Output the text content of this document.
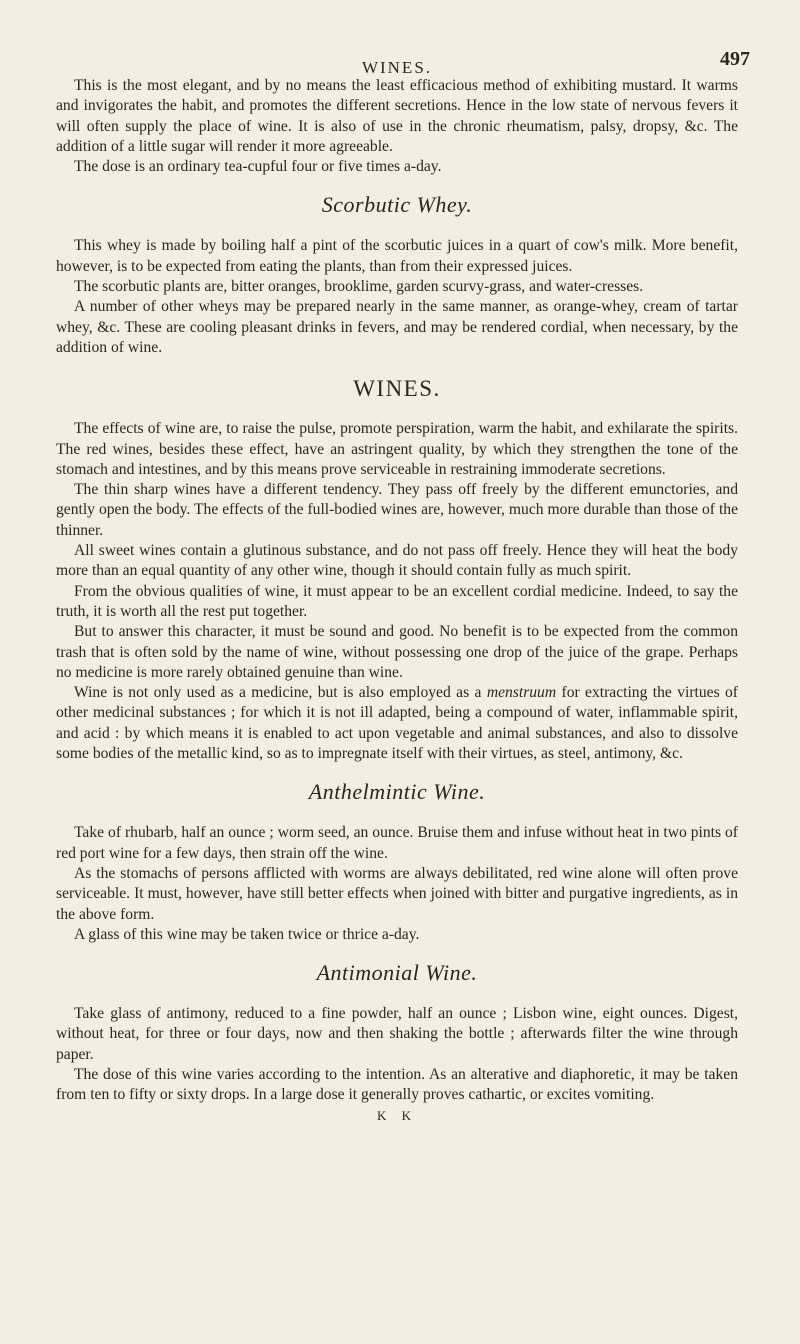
WINES.	497

This is the most elegant, and by no means the least efficacious method of exhibiting mustard. It warms and invigorates the habit, and promotes the different secretions. Hence in the low state of nervous fevers it will often supply the place of wine. It is also of use in the chronic rheumatism, palsy, dropsy, &c. The addition of a little sugar will render it more agreeable.

The dose is an ordinary tea-cupful four or five times a-day.

Scorbutic Whey.

This whey is made by boiling half a pint of the scorbutic juices in a quart of cow's milk. More benefit, however, is to be expected from eating the plants, than from their expressed juices.

The scorbutic plants are, bitter oranges, brooklime, garden scurvy-grass, and water-cresses.

A number of other wheys may be prepared nearly in the same manner, as orange-whey, cream of tartar whey, &c. These are cooling pleasant drinks in fevers, and may be rendered cordial, when necessary, by the addition of wine.

WINES.

The effects of wine are, to raise the pulse, promote perspiration, warm the habit, and exhilarate the spirits. The red wines, besides these effect, have an astringent quality, by which they strengthen the tone of the stomach and intestines, and by this means prove serviceable in restraining immoderate secretions.

The thin sharp wines have a different tendency. They pass off freely by the different emunctories, and gently open the body. The effects of the full-bodied wines are, however, much more durable than those of the thinner.

All sweet wines contain a glutinous substance, and do not pass off freely. Hence they will heat the body more than an equal quantity of any other wine, though it should contain fully as much spirit.

From the obvious qualities of wine, it must appear to be an excellent cordial medicine. Indeed, to say the truth, it is worth all the rest put together.

But to answer this character, it must be sound and good. No benefit is to be expected from the common trash that is often sold by the name of wine, without possessing one drop of the juice of the grape. Perhaps no medicine is more rarely obtained genuine than wine.

Wine is not only used as a medicine, but is also employed as a menstruum for extracting the virtues of other medicinal substances ; for which it is not ill adapted, being a compound of water, inflammable spirit, and acid : by which means it is enabled to act upon vegetable and animal substances, and also to dissolve some bodies of the metallic kind, so as to impregnate itself with their virtues, as steel, antimony, &c.

Anthelmintic Wine.

Take of rhubarb, half an ounce ; worm seed, an ounce. Bruise them and infuse without heat in two pints of red port wine for a few days, then strain off the wine.

As the stomachs of persons afflicted with worms are always debilitated, red wine alone will often prove serviceable. It must, however, have still better effects when joined with bitter and purgative ingredients, as in the above form.

A glass of this wine may be taken twice or thrice a-day.

Antimonial Wine.

Take glass of antimony, reduced to a fine powder, half an ounce ; Lisbon wine, eight ounces. Digest, without heat, for three or four days, now and then shaking the bottle ; afterwards filter the wine through paper.

The dose of this wine varies according to the intention. As an alterative and diaphoretic, it may be taken from ten to fifty or sixty drops. In a large dose it generally proves cathartic, or excites vomiting.

K K
